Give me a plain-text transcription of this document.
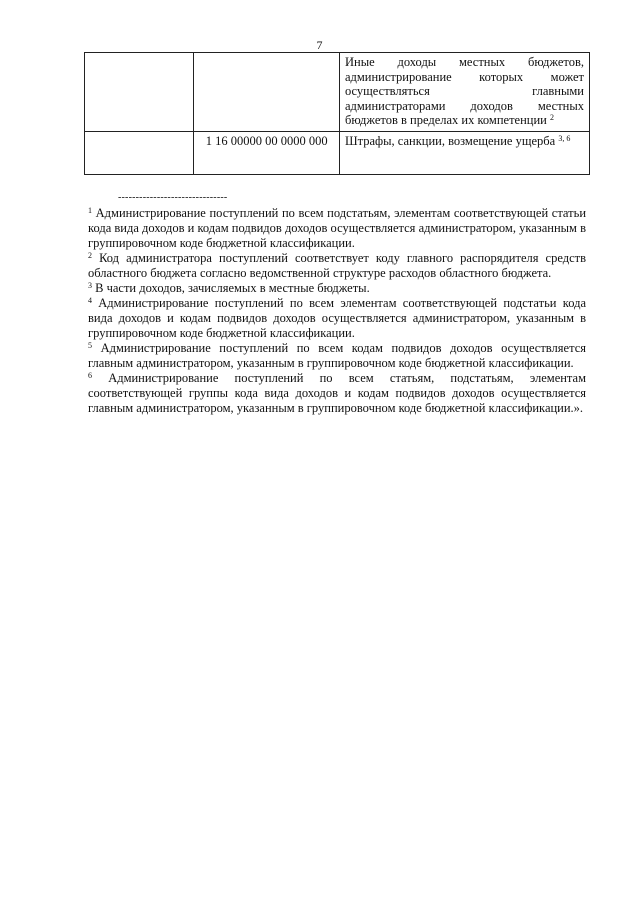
7

		Иные доходы местных бюджетов,
администрирование которых может
осуществляться главными
администраторами доходов местных
бюджетов в пределах их компетенции $^2$

	1 16 00000 00 0000 000	Штрафы, санкции, возмещение ущерба $^{3, 6}$
-------------------------------

$^1$ Администрирование поступлений по всем подстатьям, элементам соответствующей статьи кода вида доходов и кодам подвидов доходов осуществляется администратором, указанным в группировочном коде бюджетной классификации.

$^2$ Код администратора поступлений соответствует коду главного распорядителя средств областного бюджета согласно ведомственной структуре расходов областного бюджета.

$^3$ В части доходов, зачисляемых в местные бюджеты.

$^4$ Администрирование поступлений по всем элементам соответствующей подстатьи кода вида доходов и кодам подвидов доходов осуществляется администратором, указанным в группировочном коде бюджетной классификации.

$^5$ Администрирование поступлений по всем кодам подвидов доходов осуществляется главным администратором, указанным в группировочном коде бюджетной классификации.

$^6$ Администрирование поступлений по всем статьям, подстатьям, элементам соответствующей группы кода вида доходов и кодам подвидов доходов осуществляется главным администратором, указанным в группировочном коде бюджетной классификации.».
